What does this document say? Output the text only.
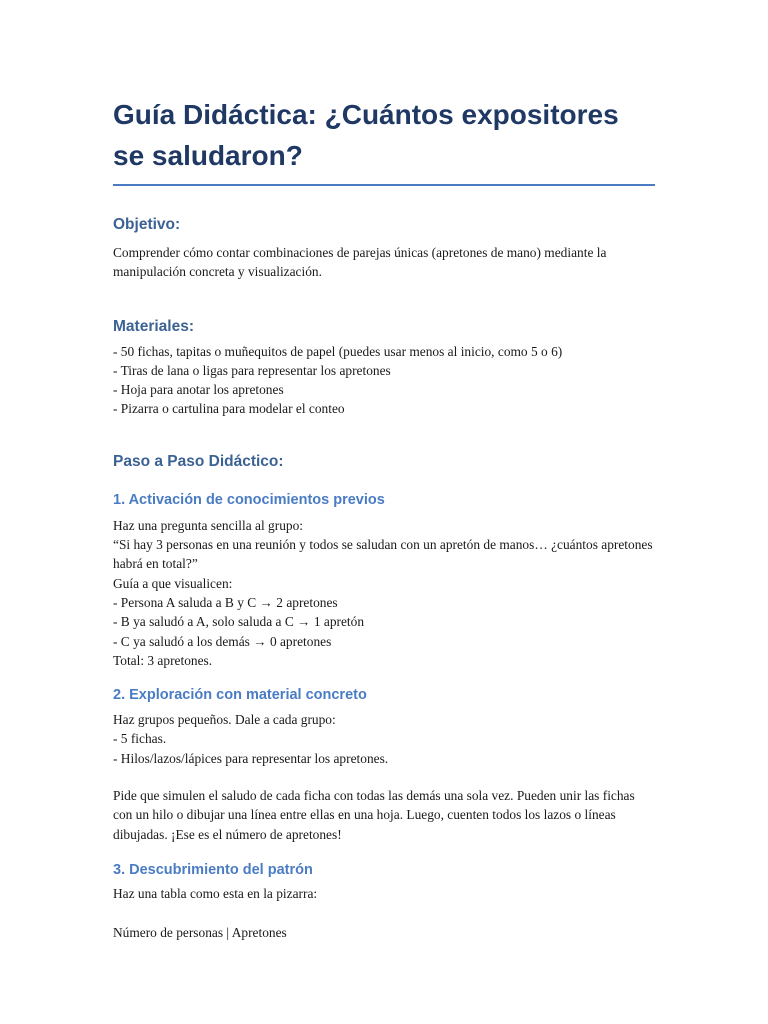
Guía Didáctica: ¿Cuántos expositores se saludaron?
Objetivo:

Comprender cómo contar combinaciones de parejas únicas (apretones de mano) mediante la manipulación concreta y visualización.

Materiales:
- 50 fichas, tapitas o muñequitos de papel (puedes usar menos al inicio, como 5 o 6)
- Tiras de lana o ligas para representar los apretones
- Hoja para anotar los apretones
- Pizarra o cartulina para modelar el conteo
Paso a Paso Didáctico:
1. Activación de conocimientos previos
Haz una pregunta sencilla al grupo:
“Si hay 3 personas en una reunión y todos se saludan con un apretón de manos… ¿cuántos apretones habrá en total?”
Guía a que visualicen:
- Persona A saluda a B y C → 2 apretones
- B ya saludó a A, solo saluda a C → 1 apretón
- C ya saludó a los demás → 0 apretones
Total: 3 apretones.
2. Exploración con material concreto
Haz grupos pequeños. Dale a cada grupo:
- 5 fichas.
- Hilos/lazos/lápices para representar los apretones.

Pide que simulen el saludo de cada ficha con todas las demás una sola vez. Pueden unir las fichas con un hilo o dibujar una línea entre ellas en una hoja. Luego, cuenten todos los lazos o líneas dibujadas. ¡Ese es el número de apretones!

3. Descubrimiento del patrón

Haz una tabla como esta en la pizarra:

Número de personas | Apretones
